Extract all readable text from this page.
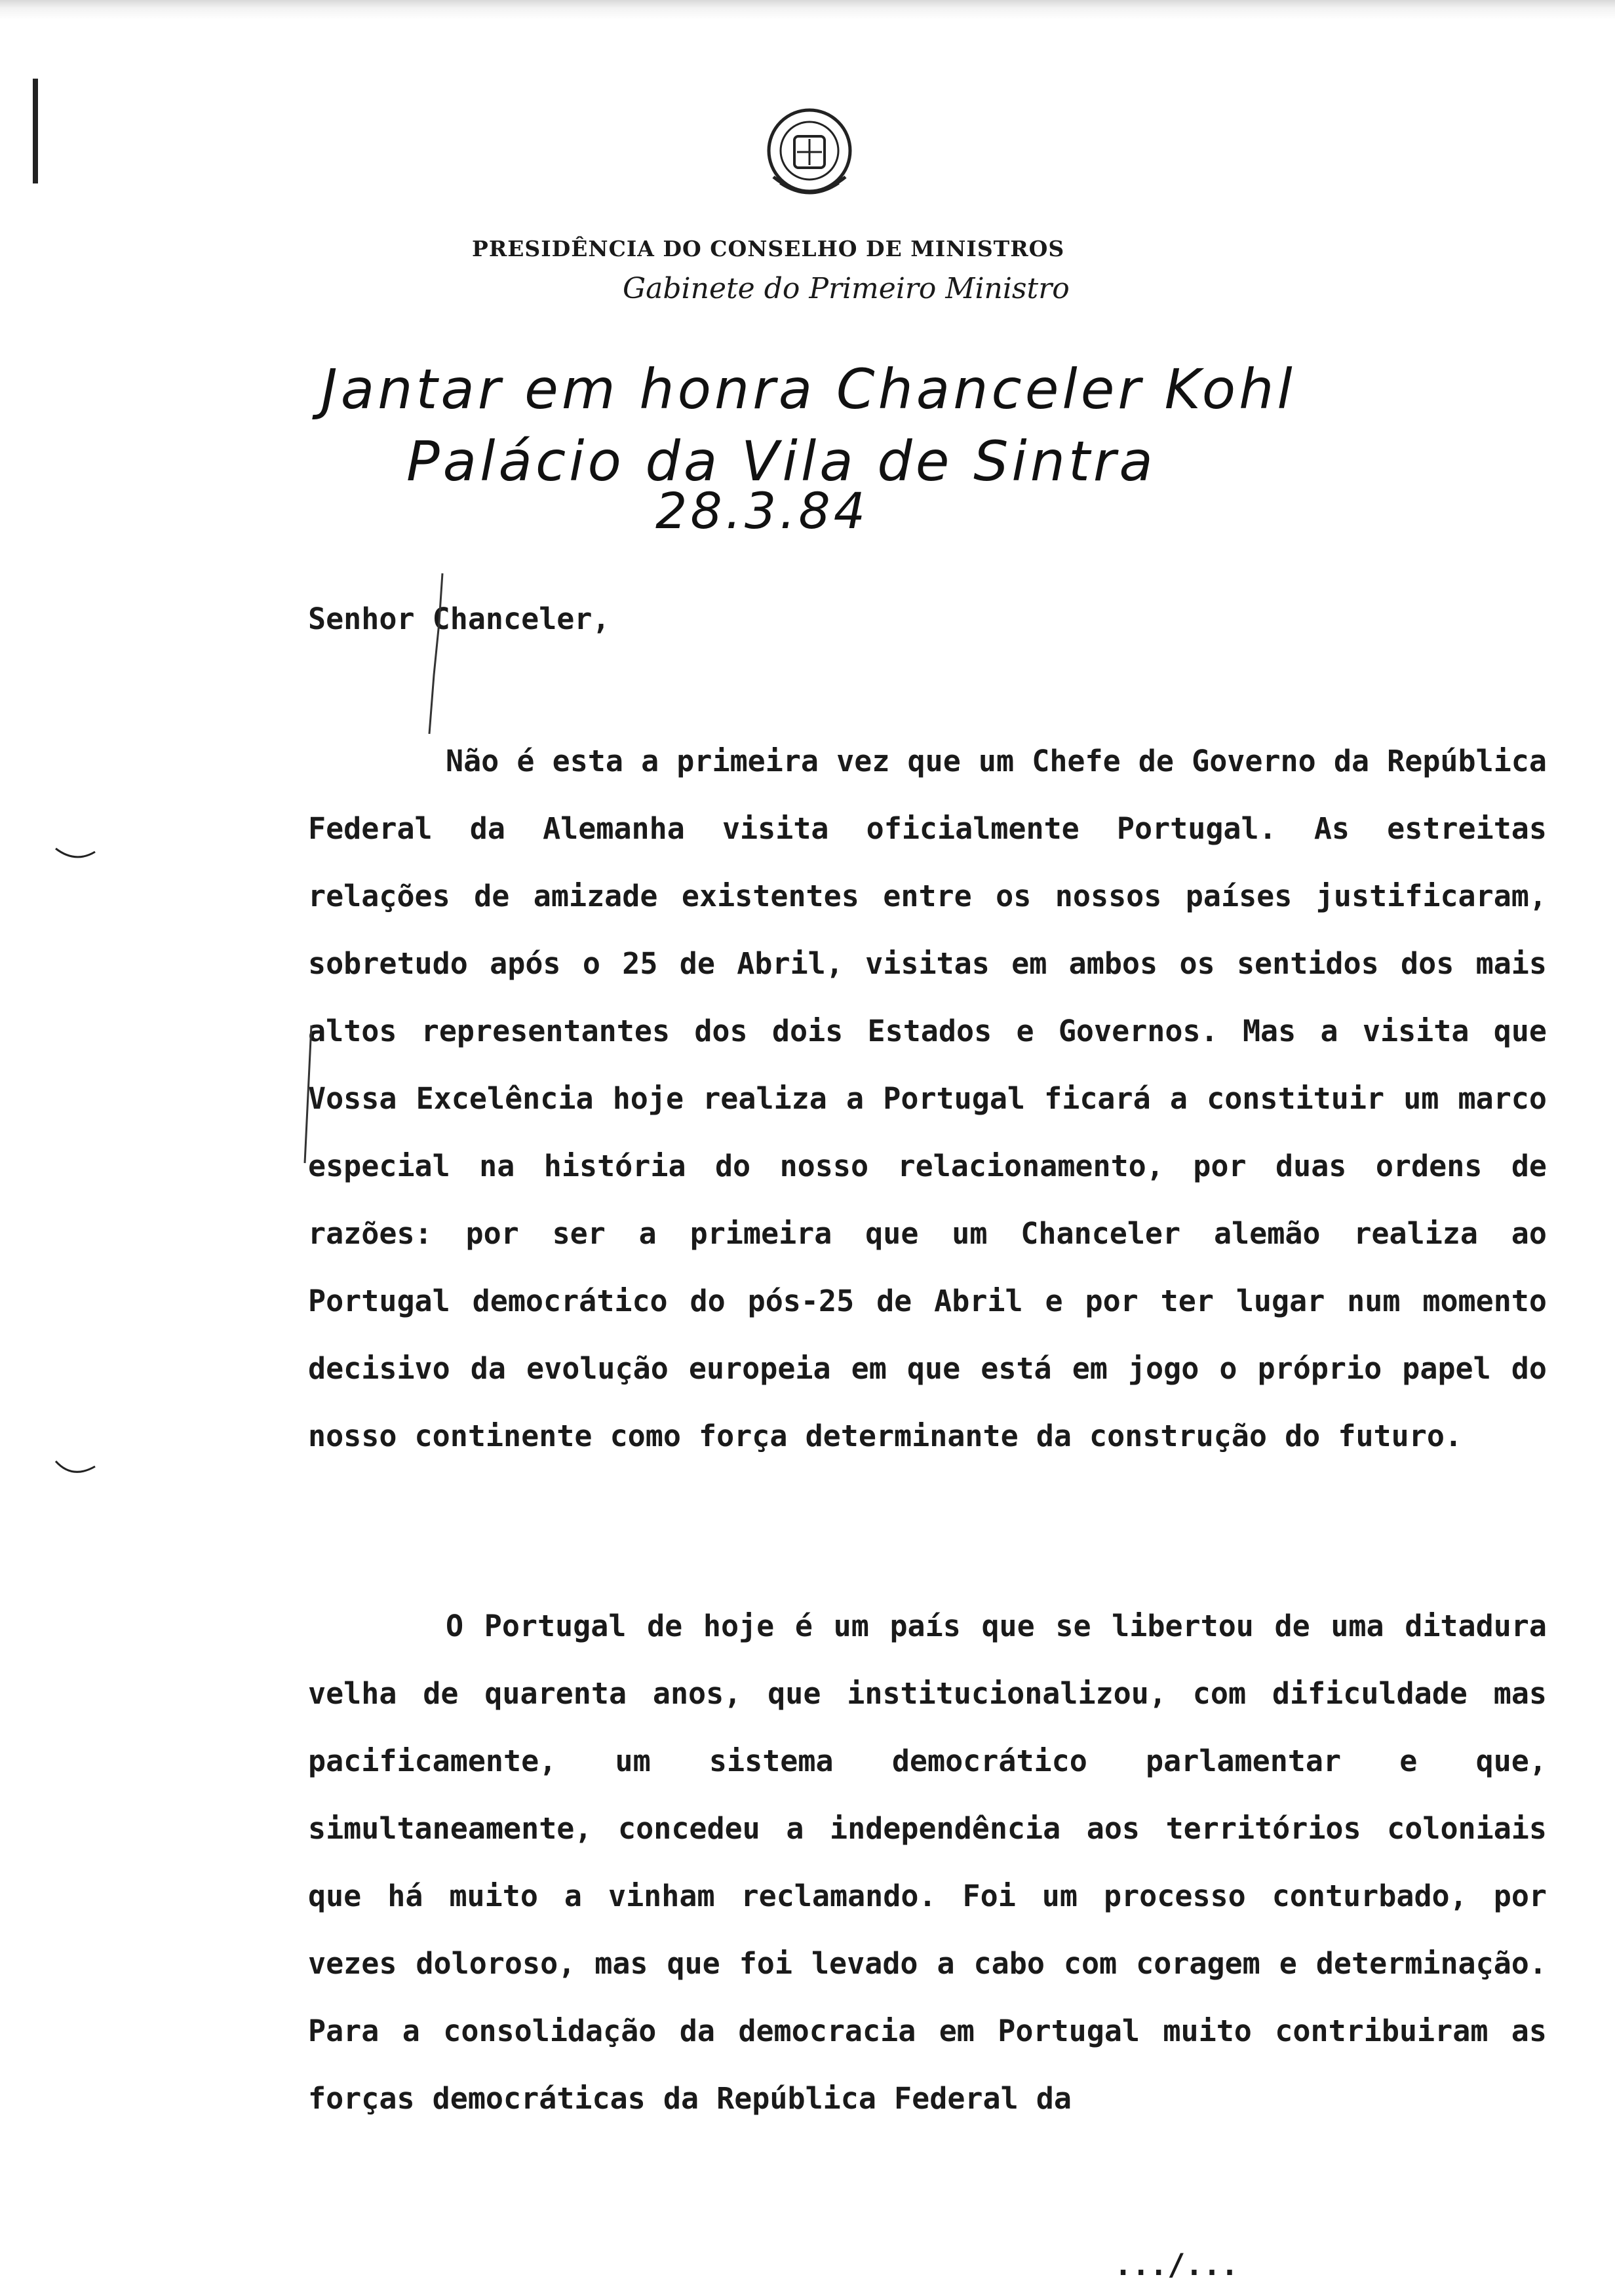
PRESIDÊNCIA DO CONSELHO DE MINISTROS
Gabinete do Primeiro Ministro
Jantar em honra Chanceler Kohl
Palácio da Vila de Sintra
28.3.84
Senhor Chanceler,

Não é esta a primeira vez que um Chefe de Governo da República Federal da Alemanha visita oficialmente Portugal. As estreitas relações de amizade existentes entre os nossos países justificaram, sobretudo após o 25 de Abril, visitas em ambos os sentidos dos mais altos representantes dos dois Estados e Governos. Mas a visita que Vossa Excelência hoje realiza a Portugal ficará a constituir um marco especial na história do nosso relacionamento, por duas ordens de razões: por ser a primeira que um Chanceler alemão realiza ao Portugal democrático do pós-25 de Abril e por ter lugar num momento decisivo da evolução europeia em que está em jogo o próprio papel do nosso continente como força determinante da construção do futuro.

O Portugal de hoje é um país que se libertou de uma ditadura velha de quarenta anos, que institucionalizou, com dificuldade mas pacificamente, um sistema democrático parlamentar e que, simultaneamente, concedeu a independência aos territórios coloniais que há muito a vinham reclamando. Foi um processo conturbado, por vezes doloroso, mas que foi levado a cabo com coragem e determinação. Para a consolidação da democracia em Portugal muito contribuiram as forças democráticas da República Federal da

.../...
